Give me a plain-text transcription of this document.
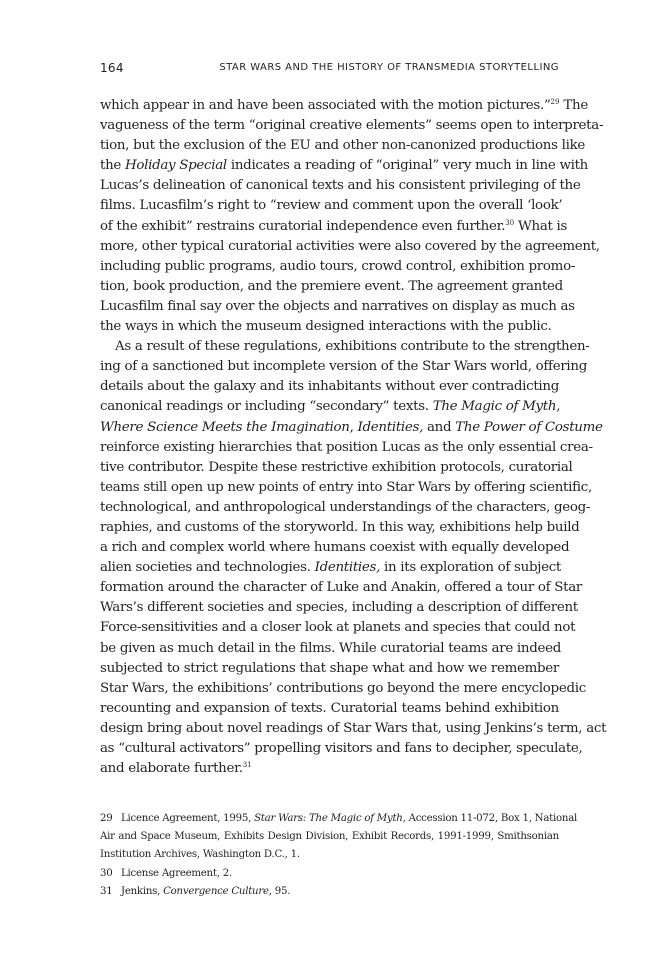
164	STAR WARS AND THE HISTORY OF TRANSMEDIA STORYTELLING
which appear in and have been associated with the motion pictures.”$^{29}$ The
vagueness of the term “original creative elements” seems open to interpreta-
tion, but the exclusion of the EU and other non-canonized productions like
the Holiday Special indicates a reading of “original” very much in line with
Lucas’s delineation of canonical texts and his consistent privileging of the
films. Lucasfilm’s right to “review and comment upon the overall ‘look’
of the exhibit” restrains curatorial independence even further.$^{30}$ What is
more, other typical curatorial activities were also covered by the agreement,
including public programs, audio tours, crowd control, exhibition promo-
tion, book production, and the premiere event. The agreement granted
Lucasfilm final say over the objects and narratives on display as much as
the ways in which the museum designed interactions with the public.
As a result of these regulations, exhibitions contribute to the strengthen-
ing of a sanctioned but incomplete version of the Star Wars world, offering
details about the galaxy and its inhabitants without ever contradicting
canonical readings or including “secondary” texts. The Magic of Myth,
Where Science Meets the Imagination, Identities, and The Power of Costume
reinforce existing hierarchies that position Lucas as the only essential crea-
tive contributor. Despite these restrictive exhibition protocols, curatorial
teams still open up new points of entry into Star Wars by offering scientific,
technological, and anthropological understandings of the characters, geog-
raphies, and customs of the storyworld. In this way, exhibitions help build
a rich and complex world where humans coexist with equally developed
alien societies and technologies. Identities, in its exploration of subject
formation around the character of Luke and Anakin, offered a tour of Star
Wars’s different societies and species, including a description of different
Force-sensitivities and a closer look at planets and species that could not
be given as much detail in the films. While curatorial teams are indeed
subjected to strict regulations that shape what and how we remember
Star Wars, the exhibitions’ contributions go beyond the mere encyclopedic
recounting and expansion of texts. Curatorial teams behind exhibition
design bring about novel readings of Star Wars that, using Jenkins’s term, act
as “cultural activators” propelling visitors and fans to decipher, speculate,
and elaborate further.$^{31}$
29 Licence Agreement, 1995, Star Wars: The Magic of Myth, Accession 11-072, Box 1, National
Air and Space Museum, Exhibits Design Division, Exhibit Records, 1991-1999, Smithsonian
Institution Archives, Washington D.C., 1.
30 License Agreement, 2.
31 Jenkins, Convergence Culture, 95.
